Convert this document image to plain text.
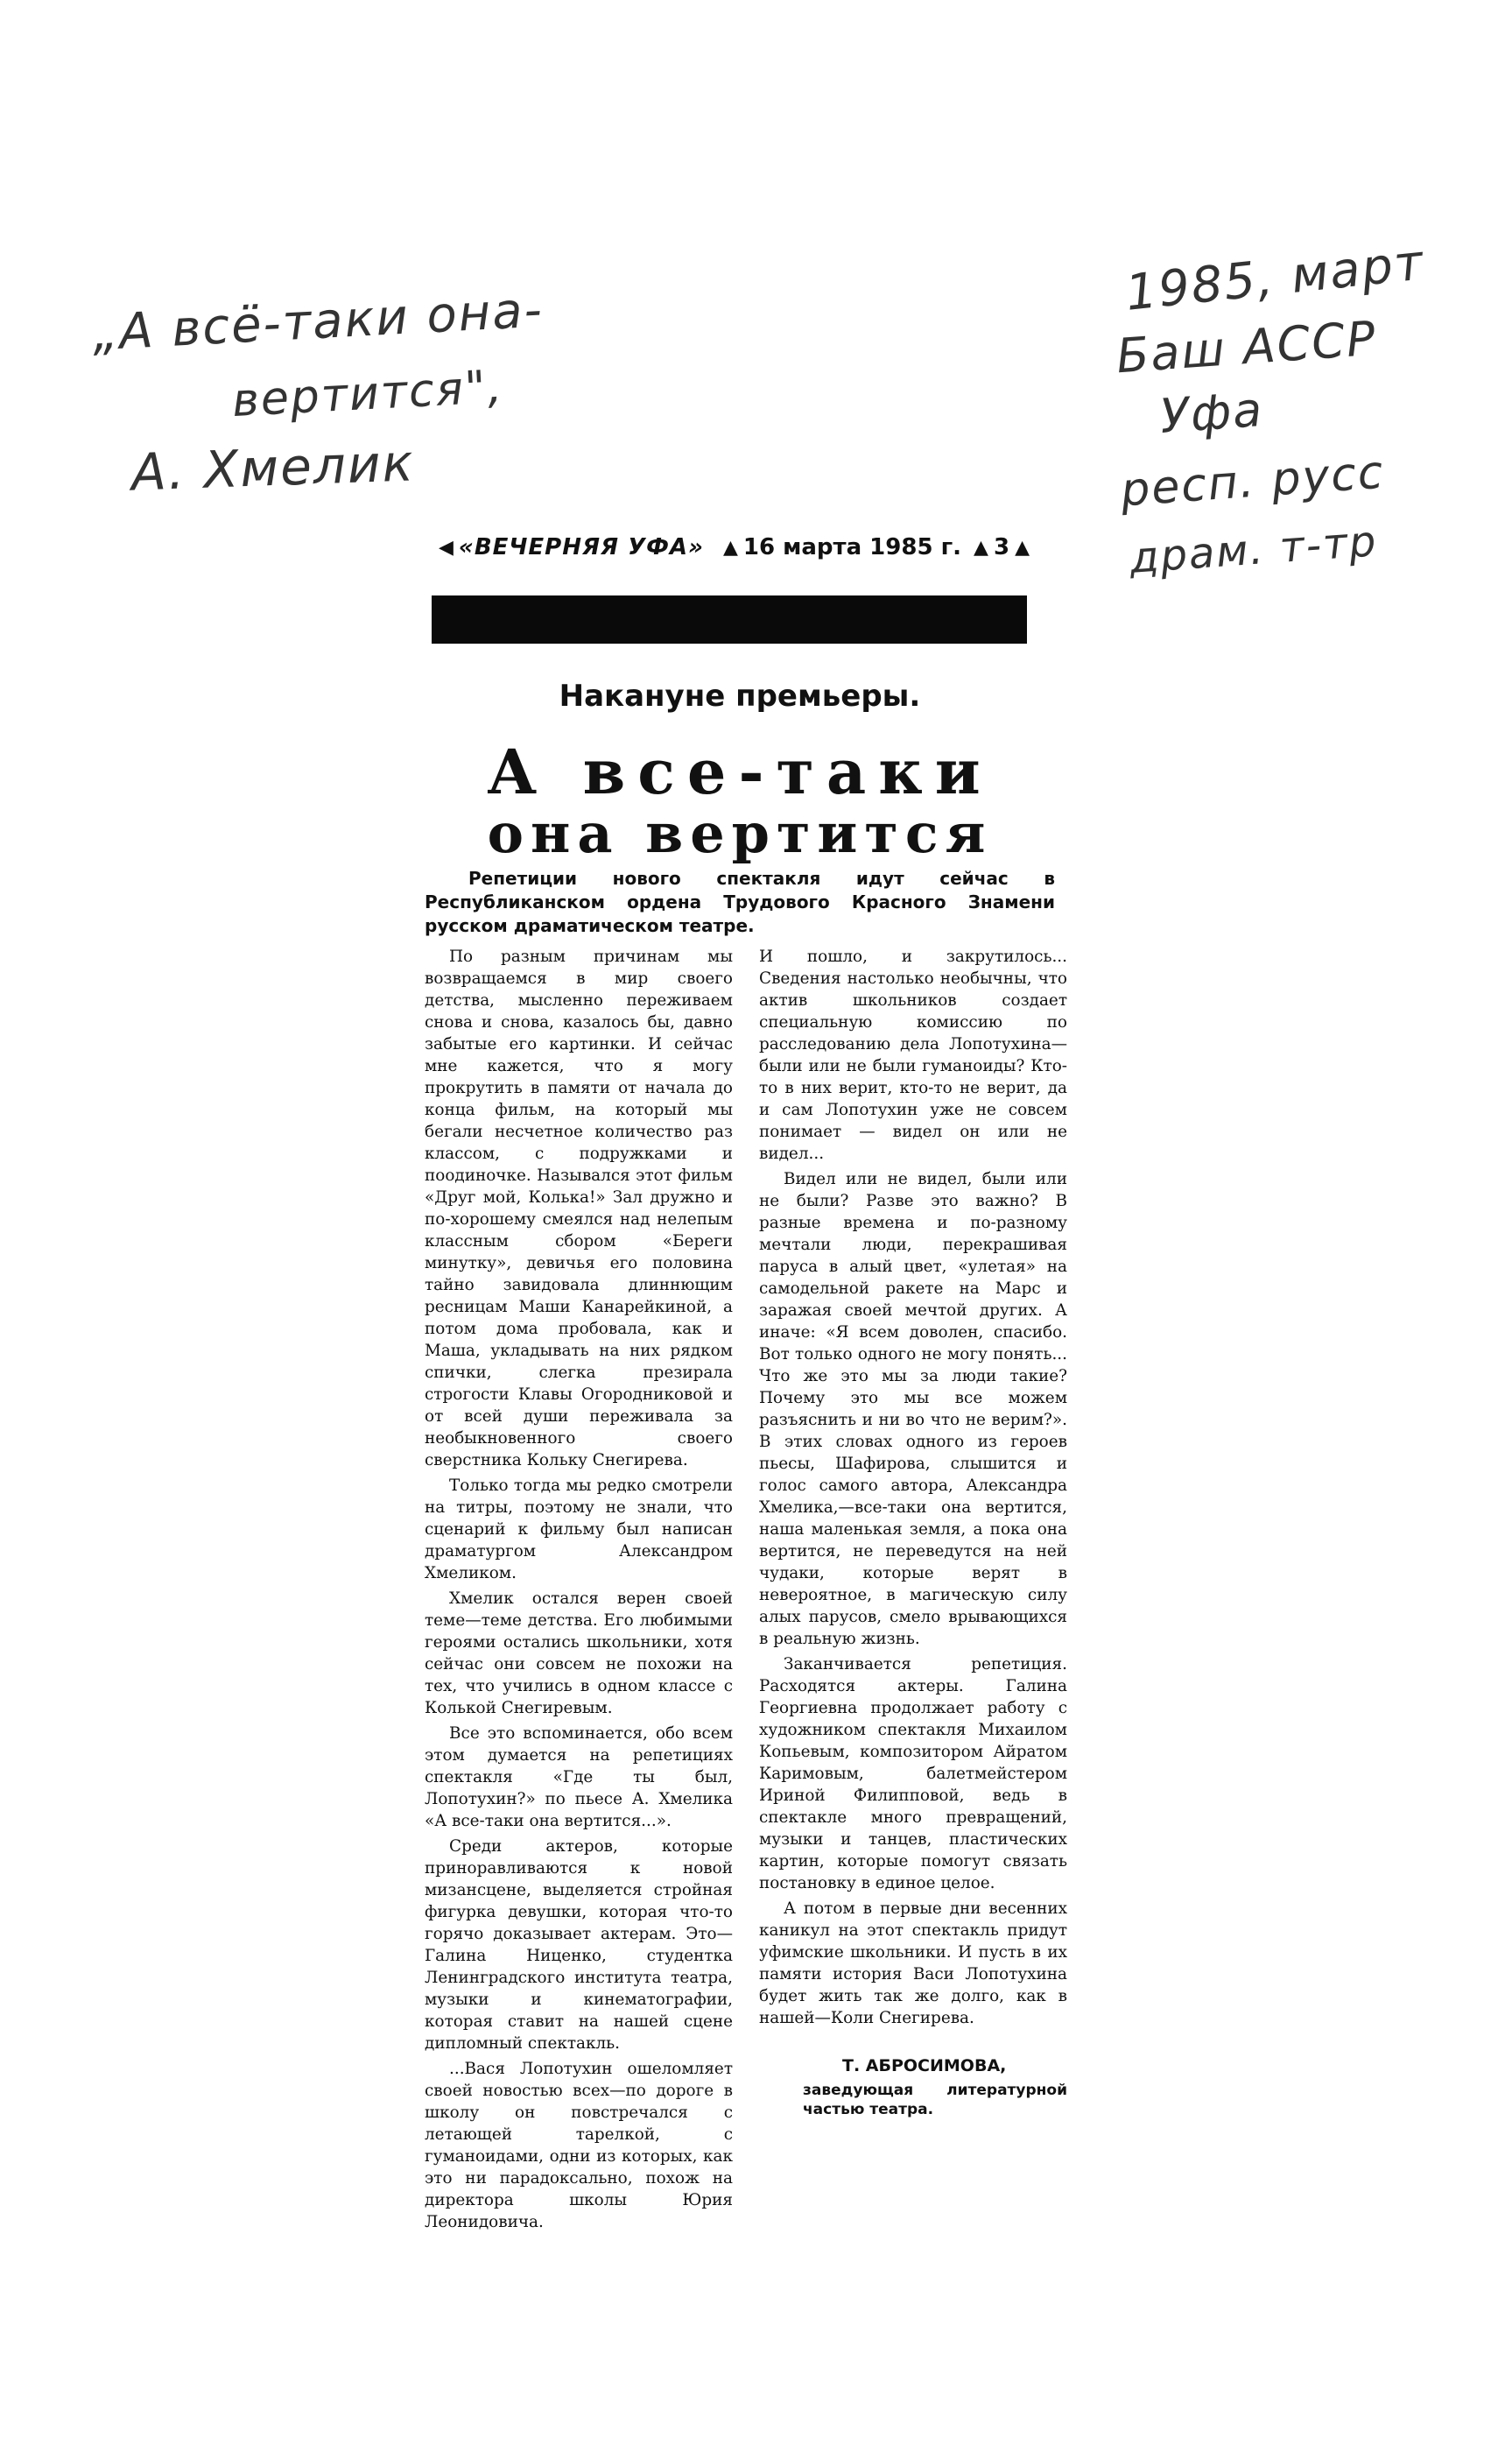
„А всё-таки она-
вертится",
А. Хмелик
1985, март
Баш АССР
Уфа
респ. русс
драм. т-тр
◀ «ВЕЧЕРНЯЯ УФА» ▲ 16 марта 1985 г. ▲ 3 ▲
Накануне премьеры.
А все-таки
она вертится
Репетиции нового спектакля идут сейчас в Республиканском ордена Трудового Красного Знамени русском драматическом театре.

По разным причинам мы возвращаемся в мир своего детства, мысленно переживаем снова и снова, казалось бы, давно забытые его картинки. И сейчас мне кажется, что я могу прокрутить в памяти от начала до конца фильм, на который мы бегали несчетное количество раз классом, с подружками и поодиночке. Назывался этот фильм «Друг мой, Колька!» Зал дружно и по-хорошему смеялся над нелепым классным сбором «Береги минутку», девичья его половина тайно завидовала длиннющим ресницам Маши Канарейкиной, а потом дома пробовала, как и Маша, укладывать на них рядком спички, слегка презирала строгости Клавы Огородниковой и от всей души переживала за необыкновенного своего сверстника Кольку Снегирева.

Только тогда мы редко смотрели на титры, поэтому не знали, что сценарий к фильму был написан драматургом Александром Хмеликом.

Хмелик остался верен своей теме—теме детства. Его любимыми героями остались школьники, хотя сейчас они совсем не похожи на тех, что учились в одном классе с Колькой Снегиревым.

Все это вспоминается, обо всем этом думается на репетициях спектакля «Где ты был, Лопотухин?» по пьесе А. Хмелика «А все-таки она вертится...».

Среди актеров, которые приноравливаются к новой мизансцене, выделяется стройная фигурка девушки, которая что-то горячо доказывает актерам. Это—Галина Ниценко, студентка Ленинградского института театра, музыки и кинематографии, которая ставит на нашей сцене дипломный спектакль.

...Вася Лопотухин ошеломляет своей новостью всех—по дороге в школу он повстречался с летающей тарелкой, с гуманоидами, одни из которых, как это ни парадоксально, похож на директора школы Юрия Леонидовича.

И пошло, и закрутилось... Сведения настолько необычны, что актив школьников создает специальную комиссию по расследованию дела Лопотухина—были или не были гуманоиды? Кто-то в них верит, кто-то не верит, да и сам Лопотухин уже не совсем понимает — видел он или не видел...

Видел или не видел, были или не были? Разве это важно? В разные времена и по-разному мечтали люди, перекрашивая паруса в алый цвет, «улетая» на самодельной ракете на Марс и заражая своей мечтой других. А иначе: «Я всем доволен, спасибо. Вот только одного не могу понять... Что же это мы за люди такие? Почему это мы все можем разъяснить и ни во что не верим?». В этих словах одного из героев пьесы, Шафирова, слышится и голос самого автора, Александра Хмелика,—все-таки она вертится, наша маленькая земля, а пока она вертится, не переведутся на ней чудаки, которые верят в невероятное, в магическую силу алых парусов, смело врывающихся в реальную жизнь.

Заканчивается репетиция. Расходятся актеры. Галина Георгиевна продолжает работу с художником спектакля Михаилом Копьевым, композитором Айратом Каримовым, балетмейстером Ириной Филипповой, ведь в спектакле много превращений, музыки и танцев, пластических картин, которые помогут связать постановку в единое целое.

А потом в первые дни весенних каникул на этот спектакль придут уфимские школьники. И пусть в их памяти история Васи Лопотухина будет жить так же долго, как в нашей—Коли Снегирева.

Т. АБРОСИМОВА,

заведующая литературной частью театра.
